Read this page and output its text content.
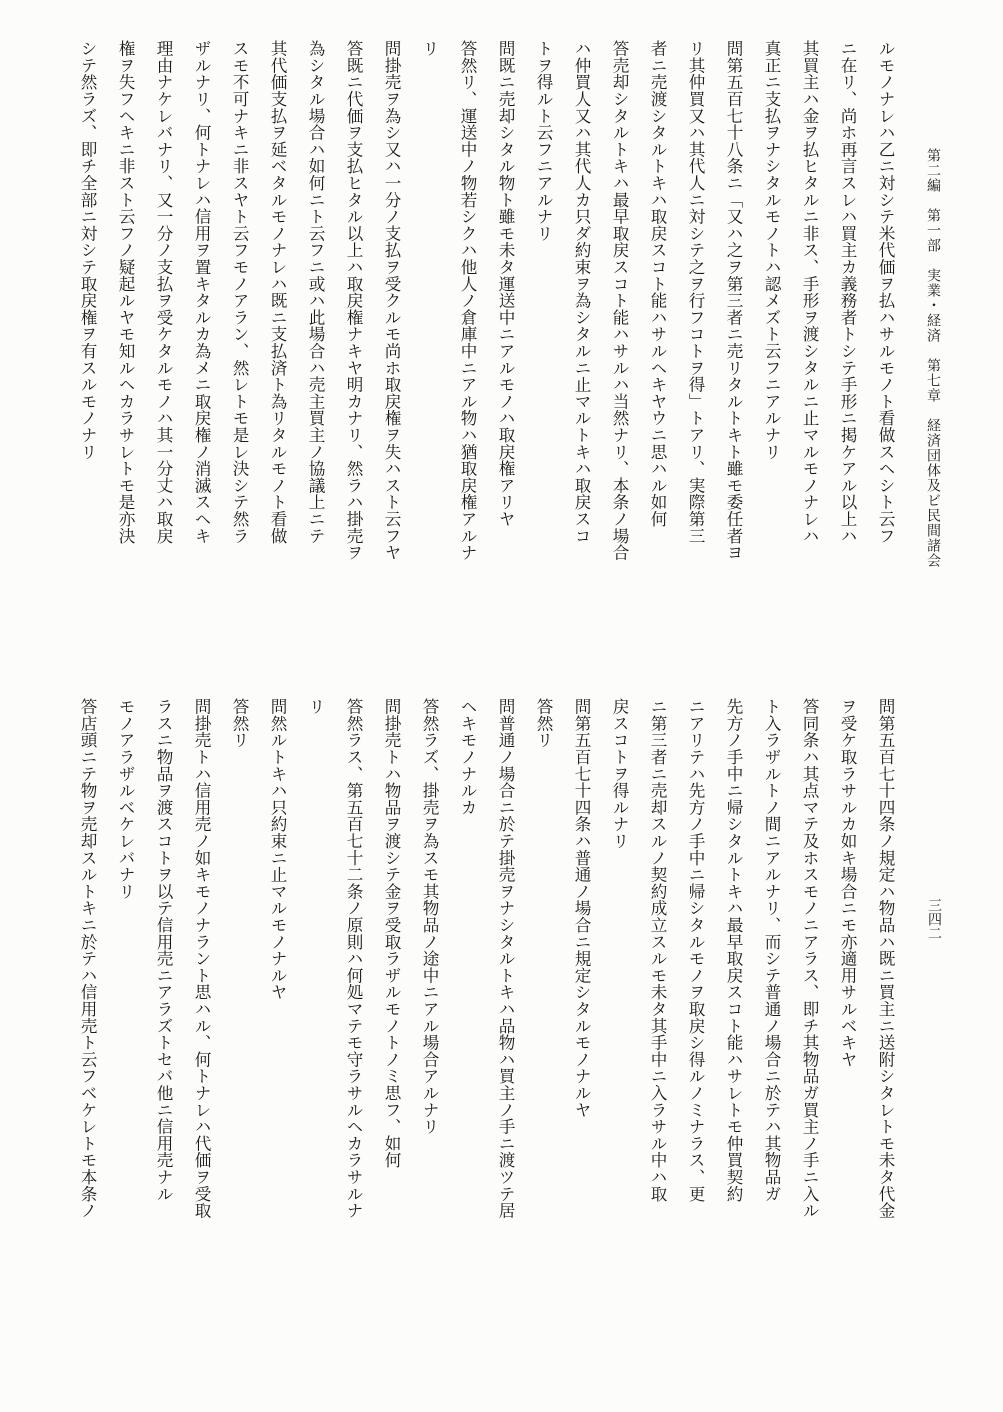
第二編　第一部　実業・経済　第七章　経済団体及ビ民間諸会
三四二
ルモノナレハ乙ニ対シテ米代価ヲ払ハサルモノト看做スヘシト云フ
ニ在リ、尚ホ再言スレハ買主カ義務者トシテ手形ニ掲ケアル以上ハ
其買主ハ金ヲ払ヒタルニ非ス、手形ヲ渡シタルニ止マルモノナレハ
真正ニ支払ヲナシタルモノトハ認メズト云フニアルナリ
問第五百七十八条ニ「又ハ之ヲ第三者ニ売リタルトキト雖モ委任者ヨ
リ其仲買又ハ其代人ニ対シテ之ヲ行フコトヲ得」トアリ、実際第三
者ニ売渡シタルトキハ取戻スコト能ハサルヘキヤウニ思ハル如何
答売却シタルトキハ最早取戻スコト能ハサルハ当然ナリ、本条ノ場合
ハ仲買人又ハ其代人カ只ダ約束ヲ為シタルニ止マルトキハ取戻スコ
トヲ得ルト云フニアルナリ
問既ニ売却シタル物ト雖モ未タ運送中ニアルモノハ取戻権アリヤ
答然リ、運送中ノ物若シクハ他人ノ倉庫中ニアル物ハ猶取戻権アルナ
リ
問掛売ヲ為シ又ハ一分ノ支払ヲ受クルモ尚ホ取戻権ヲ失ハスト云フヤ
答既ニ代価ヲ支払ヒタル以上ハ取戻権ナキヤ明カナリ、然ラハ掛売ヲ
為シタル場合ハ如何ニト云フニ或ハ此場合ハ売主買主ノ協議上ニテ
其代価支払ヲ延ベタルモノナレハ既ニ支払済ト為リタルモノト看做
スモ不可ナキニ非スヤト云フモノアラン、然レトモ是レ決シテ然ラ
ザルナリ、何トナレハ信用ヲ置キタルカ為メニ取戻権ノ消滅スヘキ
理由ナケレバナリ、又一分ノ支払ヲ受ケタルモノハ其一分丈ハ取戻
権ヲ失フヘキニ非スト云フノ疑起ルヤモ知ルヘカラサレトモ是亦決
シテ然ラズ、即チ全部ニ対シテ取戻権ヲ有スルモノナリ
問第五百七十四条ノ規定ハ物品ハ既ニ買主ニ送附シタレトモ未タ代金
ヲ受ケ取ラサルカ如キ場合ニモ亦適用サルベキヤ
答同条ハ其点マテ及ホスモノニアラス、即チ其物品ガ買主ノ手ニ入ル
ト入ラザルトノ間ニアルナリ、而シテ普通ノ場合ニ於テハ其物品ガ
先方ノ手中ニ帰シタルトキハ最早取戻スコト能ハサレトモ仲買契約
ニアリテハ先方ノ手中ニ帰シタルモノヲ取戻シ得ルノミナラス、更
ニ第三者ニ売却スルノ契約成立スルモ未タ其手中ニ入ラサル中ハ取
戻スコトヲ得ルナリ
問第五百七十四条ハ普通ノ場合ニ規定シタルモノナルヤ
答然リ
問普通ノ場合ニ於テ掛売ヲナシタルトキハ品物ハ買主ノ手ニ渡ツテ居
ヘキモノナルカ
答然ラズ、掛売ヲ為スモ其物品ノ途中ニアル場合アルナリ
問掛売トハ物品ヲ渡シテ金ヲ受取ラザルモノトノミ思フ、如何
答然ラス、第五百七十二条ノ原則ハ何処マテモ守ラサルヘカラサルナ
リ
問然ルトキハ只約束ニ止マルモノナルヤ
答然リ
問掛売トハ信用売ノ如キモノナラント思ハル、何トナレハ代価ヲ受取
ラスニ物品ヲ渡スコトヲ以テ信用売ニアラズトセバ他ニ信用売ナル
モノアラザルベケレバナリ
答店頭ニテ物ヲ売却スルトキニ於テハ信用売ト云フベケレトモ本条ノ
